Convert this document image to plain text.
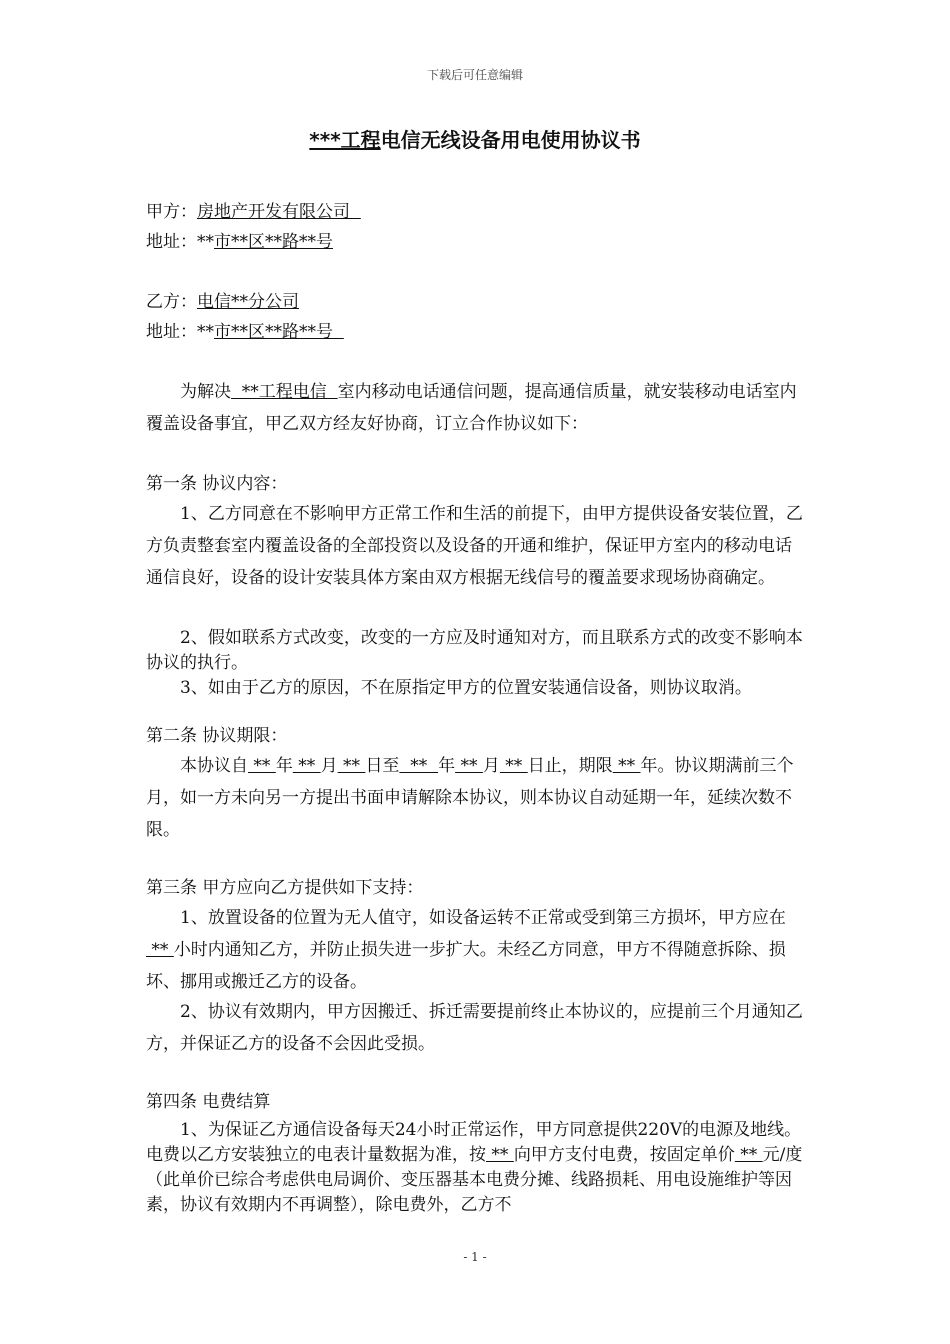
下载后可任意编辑
***工程电信无线设备用电使用协议书
甲方：房地产开发有限公司
地址：**市**区**路**号
乙方：电信**分公司
地址：**市**区**路**号
为解决  **工程电信  室内移动电话通信问题，提高通信质量，就安装移动电话室内覆盖设备事宜，甲乙双方经友好协商，订立合作协议如下：
第一条 协议内容：
1、乙方同意在不影响甲方正常工作和生活的前提下，由甲方提供设备安装位置，乙方负责整套室内覆盖设备的全部投资以及设备的开通和维护，保证甲方室内的移动电话通信良好，设备的设计安装具体方案由双方根据无线信号的覆盖要求现场协商确定。
2、假如联系方式改变，改变的一方应及时通知对方，而且联系方式的改变不影响本协议的执行。
3、如由于乙方的原因，不在原指定甲方的位置安装通信设备，则协议取消。
第二条 协议期限：
本协议自 ** 年 ** 月 ** 日至  **  年 ** 月 ** 日止，期限 ** 年。协议期满前三个月，如一方未向另一方提出书面申请解除本协议，则本协议自动延期一年，延续次数不限。
第三条 甲方应向乙方提供如下支持：
1、放置设备的位置为无人值守，如设备运转不正常或受到第三方损坏，甲方应在 ** 小时内通知乙方，并防止损失进一步扩大。未经乙方同意，甲方不得随意拆除、损坏、挪用或搬迁乙方的设备。
2、协议有效期内，甲方因搬迁、拆迁需要提前终止本协议的，应提前三个月通知乙方，并保证乙方的设备不会因此受损。
第四条 电费结算
1、为保证乙方通信设备每天24小时正常运作，甲方同意提供220V的电源及地线。电费以乙方安装独立的电表计量数据为准，按 ** 向甲方支付电费，按固定单价 ** 元/度（此单价已综合考虑供电局调价、变压器基本电费分摊、线路损耗、用电设施维护等因素，协议有效期内不再调整），除电费外，乙方不
- 1 -
